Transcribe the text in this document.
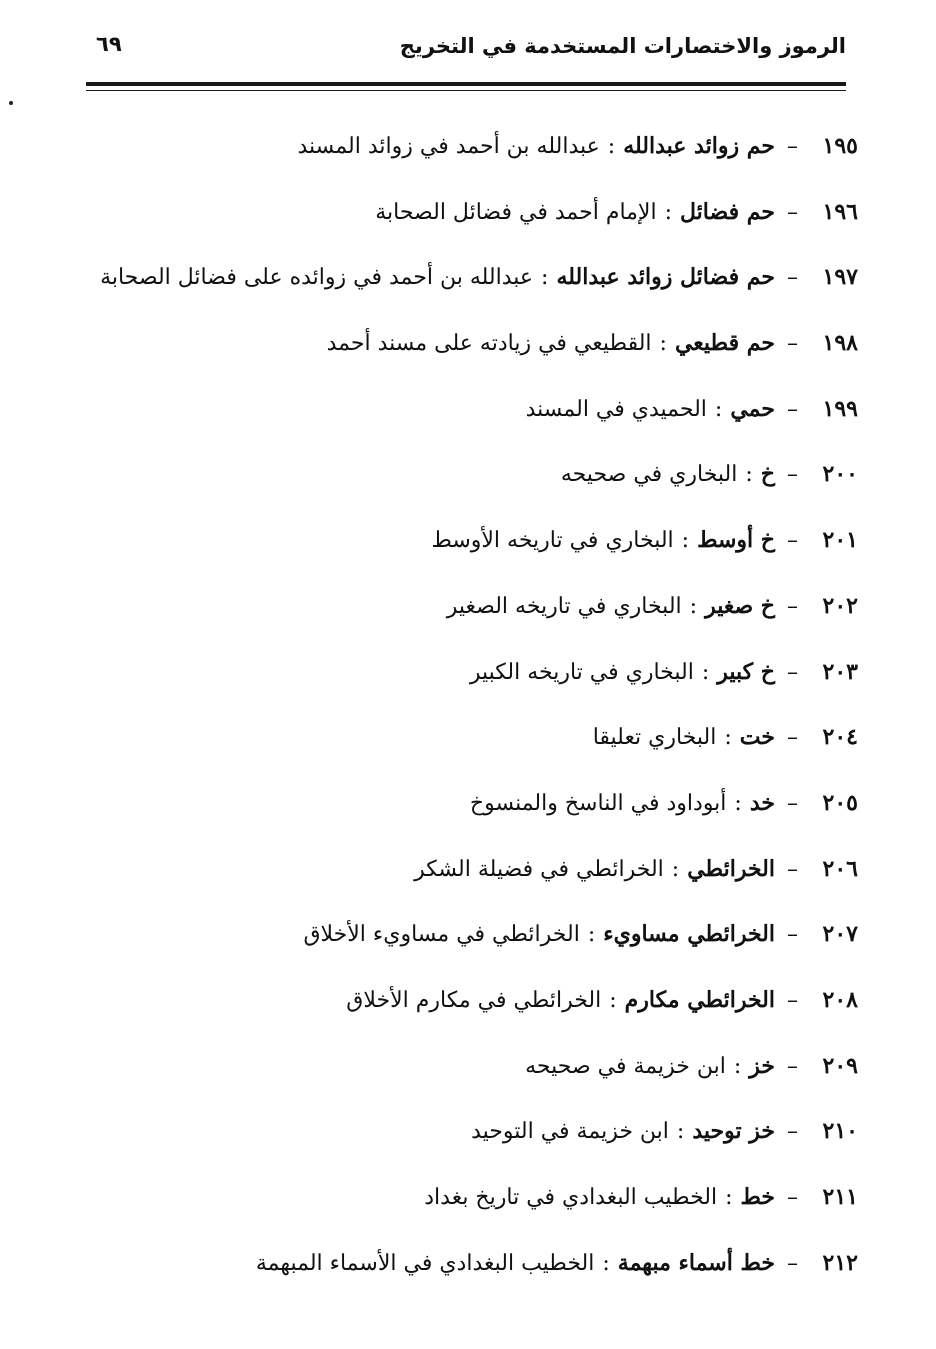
الرموز والاختصارات المستخدمة في التخريج
٦٩
١٩٥–حم زوائد عبدالله:عبدالله بن أحمد في زوائد المسند
١٩٦–حم فضائل:الإمام أحمد في فضائل الصحابة
١٩٧–حم فضائل زوائد عبدالله:عبدالله بن أحمد في زوائده على فضائل الصحابة
١٩٨–حم قطيعي:القطيعي في زيادته على مسند أحمد
١٩٩–حمي:الحميدي في المسند
٢٠٠–خ:البخاري في صحيحه
٢٠١–خ أوسط:البخاري في تاريخه الأوسط
٢٠٢–خ صغير:البخاري في تاريخه الصغير
٢٠٣–خ كبير:البخاري في تاريخه الكبير
٢٠٤–خت:البخاري تعليقا
٢٠٥–خد:أبوداود في الناسخ والمنسوخ
٢٠٦–الخرائطي:الخرائطي في فضيلة الشكر
٢٠٧–الخرائطي مساويء:الخرائطي في مساويء الأخلاق
٢٠٨–الخرائطي مكارم:الخرائطي في مكارم الأخلاق
٢٠٩–خز:ابن خزيمة في صحيحه
٢١٠–خز توحيد:ابن خزيمة في التوحيد
٢١١–خط:الخطيب البغدادي في تاريخ بغداد
٢١٢–خط أسماء مبهمة:الخطيب البغدادي في الأسماء المبهمة
